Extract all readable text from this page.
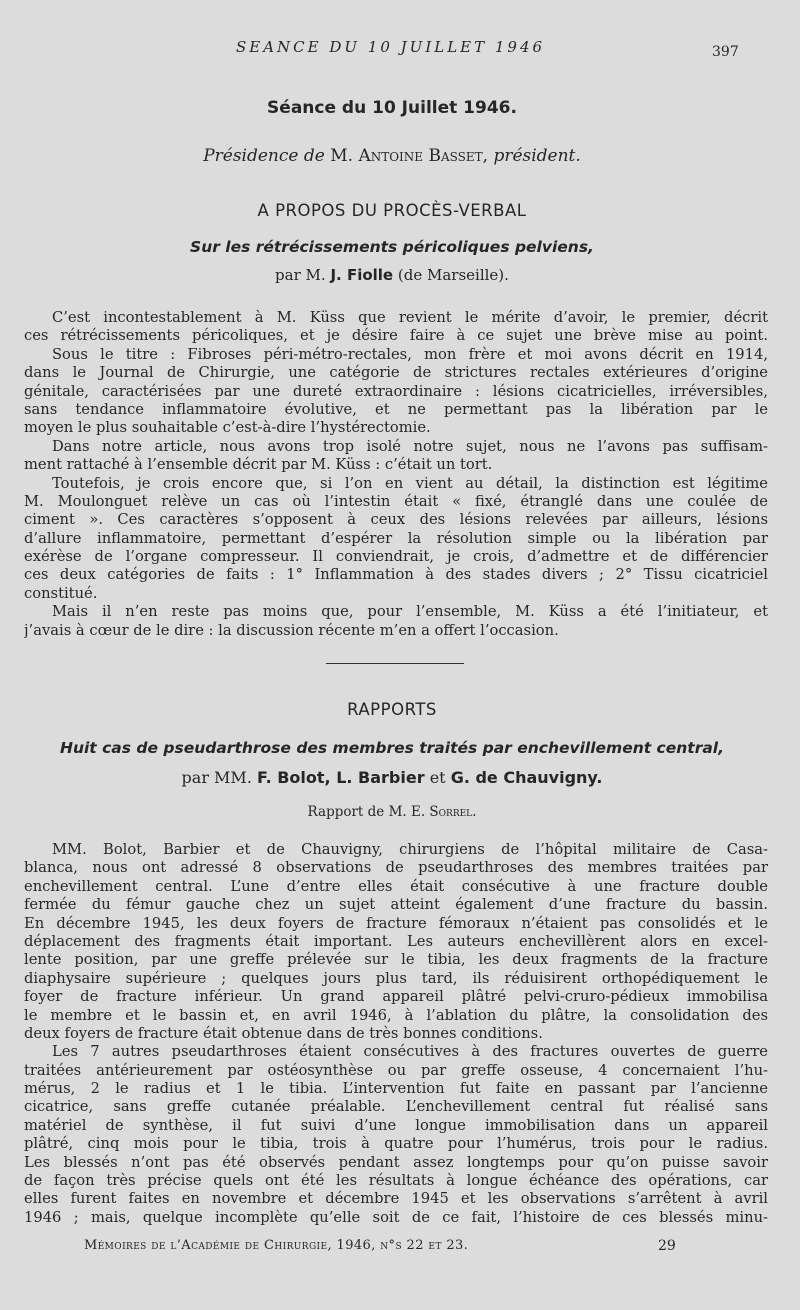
SEANCE DU 10 JUILLET 1946	397
Séance du 10 Juillet 1946.
Présidence de M. Antoine Basset, président.
A PROPOS DU PROCÈS-VERBAL
Sur les rétrécissements péricoliques pelviens,
par M. J. Fiolle (de Marseille).
C’est incontestablement à M. Küss que revient le mérite d’avoir, le premier, décrit
ces rétrécissements péricoliques, et je désire faire à ce sujet une brève mise au point.
Sous le titre : Fibroses péri-métro-rectales, mon frère et moi avons décrit en 1914,
dans le Journal de Chirurgie, une catégorie de strictures rectales extérieures d’origine
génitale, caractérisées par une dureté extraordinaire : lésions cicatricielles, irréversibles,
sans tendance inflammatoire évolutive, et ne permettant pas la libération par le
moyen le plus souhaitable c’est-à-dire l’hystérectomie.
Dans notre article, nous avons trop isolé notre sujet, nous ne l’avons pas suffisam-
ment rattaché à l’ensemble décrit par M. Küss : c’était un tort.
Toutefois, je crois encore que, si l’on en vient au détail, la distinction est légitime
M. Moulonguet relève un cas où l’intestin était « fixé, étranglé dans une coulée de
ciment ». Ces caractères s’opposent à ceux des lésions relevées par ailleurs, lésions
d’allure inflammatoire, permettant d’espérer la résolution simple ou la libération par
exérèse de l’organe compresseur. Il conviendrait, je crois, d’admettre et de différencier
ces deux catégories de faits : 1° Inflammation à des stades divers ; 2° Tissu cicatriciel
constitué.
Mais il n’en reste pas moins que, pour l’ensemble, M. Küss a été l’initiateur, et
j’avais à cœur de le dire : la discussion récente m’en a offert l’occasion.
RAPPORTS
Huit cas de pseudarthrose des membres traités par enchevillement central,
par MM. F. Bolot, L. Barbier et G. de Chauvigny.
Rapport de M. E. Sorrel.
MM. Bolot, Barbier et de Chauvigny, chirurgiens de l’hôpital militaire de Casa-
blanca, nous ont adressé 8 observations de pseudarthroses des membres traitées par
enchevillement central. L’une d’entre elles était consécutive à une fracture double
fermée du fémur gauche chez un sujet atteint également d’une fracture du bassin.
En décembre 1945, les deux foyers de fracture fémoraux n’étaient pas consolidés et le
déplacement des fragments était important. Les auteurs enchevillèrent alors en excel-
lente position, par une greffe prélevée sur le tibia, les deux fragments de la fracture
diaphysaire supérieure ; quelques jours plus tard, ils réduisirent orthopédiquement le
foyer de fracture inférieur. Un grand appareil plâtré pelvi-cruro-pédieux immobilisa
le membre et le bassin et, en avril 1946, à l’ablation du plâtre, la consolidation des
deux foyers de fracture était obtenue dans de très bonnes conditions.
Les 7 autres pseudarthroses étaient consécutives à des fractures ouvertes de guerre
traitées antérieurement par ostéosynthèse ou par greffe osseuse, 4 concernaient l’hu-
mérus, 2 le radius et 1 le tibia. L’intervention fut faite en passant par l’ancienne
cicatrice, sans greffe cutanée préalable. L’enchevillement central fut réalisé sans
matériel de synthèse, il fut suivi d’une longue immobilisation dans un appareil
plâtré, cinq mois pour le tibia, trois à quatre pour l’humérus, trois pour le radius.
Les blessés n’ont pas été observés pendant assez longtemps pour qu’on puisse savoir
de façon très précise quels ont été les résultats à longue échéance des opérations, car
elles furent faites en novembre et décembre 1945 et les observations s’arrêtent à avril
1946 ; mais, quelque incomplète qu’elle soit de ce fait, l’histoire de ces blessés minu-
Mémoires de l’Académie de Chirurgie, 1946, n°s 22 et 23.	29
